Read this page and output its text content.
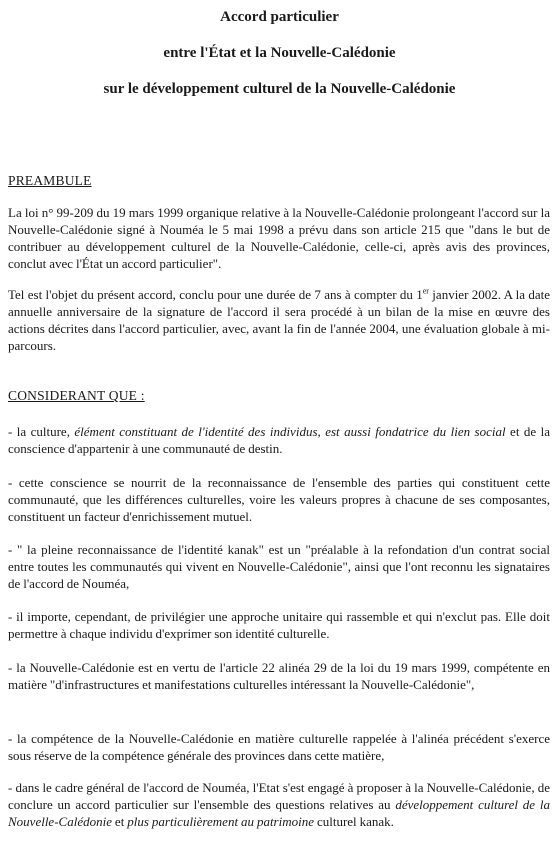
Accord particulier
entre l'État et la Nouvelle-Calédonie
sur le développement culturel de la Nouvelle-Calédonie
PREAMBULE
La loi n° 99-209 du 19 mars 1999 organique relative à la Nouvelle-Calédonie prolongeant l'accord sur la Nouvelle-Calédonie signé à Nouméa le 5 mai 1998 a prévu dans son article 215 que "dans le but de contribuer au développement culturel de la Nouvelle-Calédonie, celle-ci, après avis des provinces, conclut avec l'État un accord particulier".
Tel est l'objet du présent accord, conclu pour une durée de 7 ans à compter du 1er janvier 2002. A la date annuelle anniversaire de la signature de l'accord il sera procédé à un bilan de la mise en œuvre des actions décrites dans l'accord particulier, avec, avant la fin de l'année 2004, une évaluation globale à mi-parcours.
CONSIDERANT QUE :
- la culture, élément constituant de l'identité des individus, est aussi fondatrice du lien social et de la conscience d'appartenir à une communauté de destin.
- cette conscience se nourrit de la reconnaissance de l'ensemble des parties qui constituent cette communauté, que les différences culturelles, voire les valeurs propres à chacune de ses composantes, constituent un facteur d'enrichissement mutuel.
- " la pleine reconnaissance de l'identité kanak" est un "préalable à la refondation d'un contrat social entre toutes les communautés qui vivent en Nouvelle-Calédonie", ainsi que l'ont reconnu les signataires de l'accord de Nouméa,
- il importe, cependant, de privilégier une approche unitaire qui rassemble et qui n'exclut pas. Elle doit permettre à chaque individu d'exprimer son identité culturelle.
- la Nouvelle-Calédonie est en vertu de l'article 22 alinéa 29 de la loi du 19 mars 1999, compétente en matière "d'infrastructures et manifestations culturelles intéressant la Nouvelle-Calédonie",
- la compétence de la Nouvelle-Calédonie en matière culturelle rappelée à l'alinéa précédent s'exerce sous réserve de la compétence générale des provinces dans cette matière,
- dans le cadre général de l'accord de Nouméa, l'Etat s'est engagé à proposer à la Nouvelle-Calédonie, de conclure un accord particulier sur l'ensemble des questions relatives au développement culturel de la Nouvelle-Calédonie et plus particulièrement au patrimoine culturel kanak.
